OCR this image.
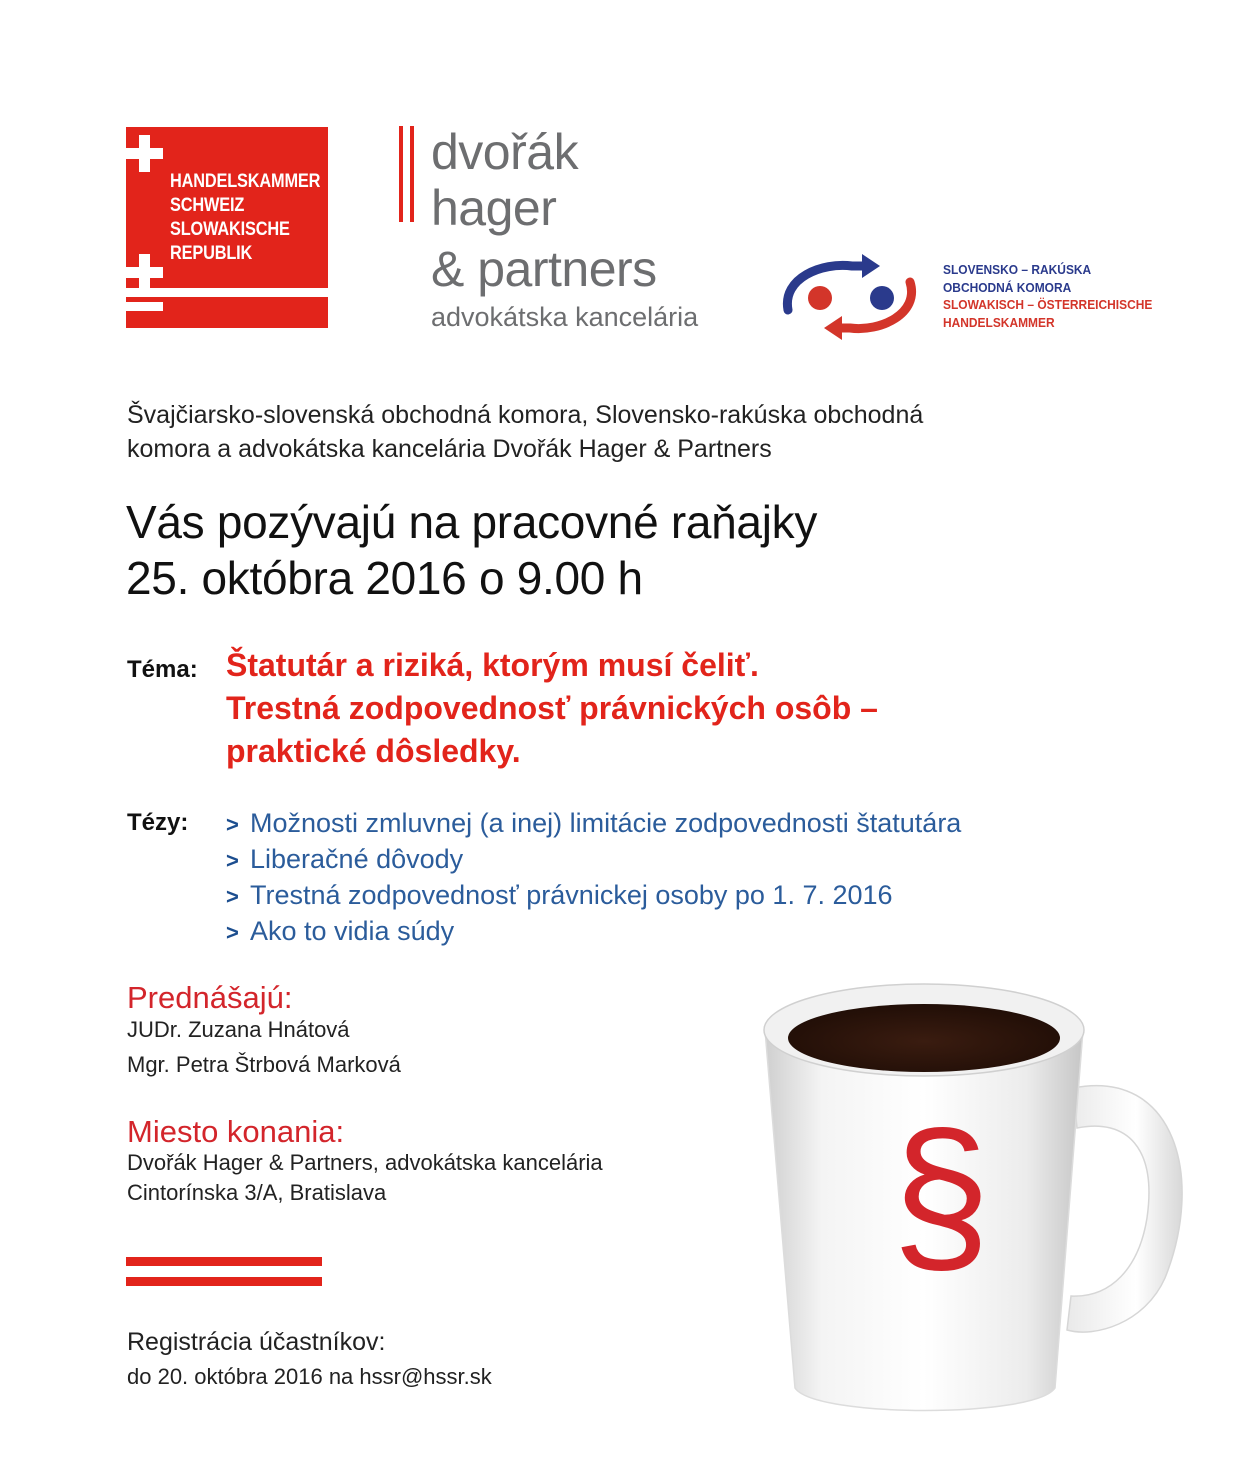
HANDELSKAMMER
SCHWEIZ
SLOWAKISCHE
REPUBLIK
dvořák
hager
& partners
advokátska kancelária
SLOVENSKO – RAKÚSKA
OBCHODNÁ KOMORA
SLOWAKISCH – ÖSTERREICHISCHE
HANDELSKAMMER
Švajčiarsko-slovenská obchodná komora, Slovensko-rakúska obchodná
komora a advokátska kancelária Dvořák Hager & Partners
Vás pozývajú na pracovné raňajky
25. októbra 2016 o 9.00 h
Téma: Štatutár a riziká, ktorým musí čeliť.
Trestná zodpovednosť právnických osôb –
praktické dôsledky.
Tézy: > Možnosti zmluvnej (a inej) limitácie zodpovednosti štatutára
> Liberačné dôvody
> Trestná zodpovednosť právnickej osoby po 1. 7. 2016
> Ako to vidia súdy
Prednášajú:
JUDr. Zuzana Hnátová
Mgr. Petra Štrbová Marková
Miesto konania:
Dvořák Hager & Partners, advokátska kancelária
Cintorínska 3/A, Bratislava
Registrácia účastníkov:
do 20. októbra 2016 na hssr@hssr.sk
§
